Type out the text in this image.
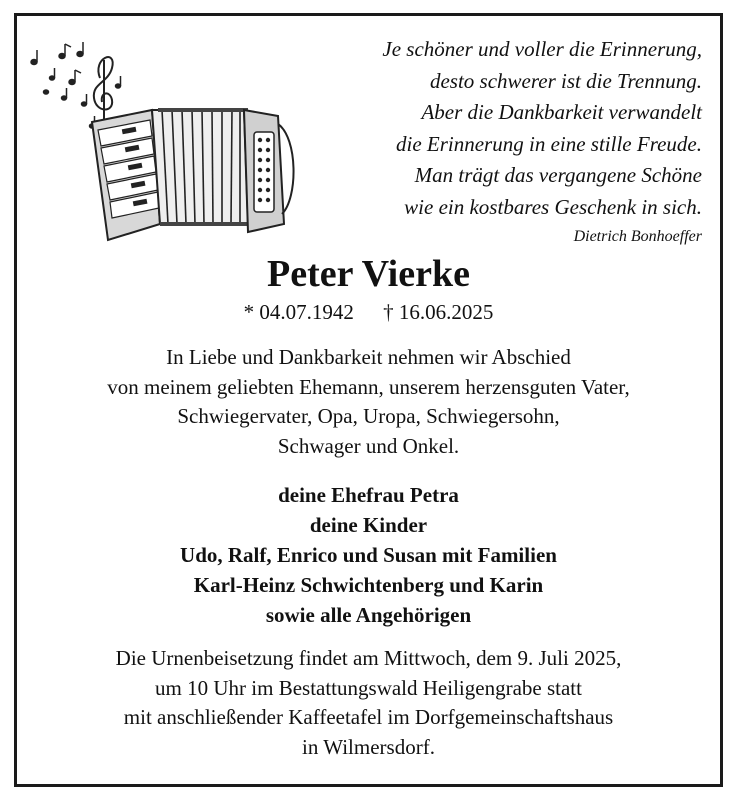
Je schöner und voller die Erinnerung,
desto schwerer ist die Trennung.
Aber die Dankbarkeit verwandelt
die Erinnerung in eine stille Freude.
Man trägt das vergangene Schöne
wie ein kostbares Geschenk in sich.
Dietrich Bonhoeffer
Peter Vierke
* 04.07.1942 † 16.06.2025
In Liebe und Dankbarkeit nehmen wir Abschied
von meinem geliebten Ehemann, unserem herzensguten Vater,
Schwiegervater, Opa, Uropa, Schwiegersohn,
Schwager und Onkel.
deine Ehefrau Petra
deine Kinder
Udo, Ralf, Enrico und Susan mit Familien
Karl-Heinz Schwichtenberg und Karin
sowie alle Angehörigen
Die Urnenbeisetzung findet am Mittwoch, dem 9. Juli 2025,
um 10 Uhr im Bestattungswald Heiligengrabe statt
mit anschließender Kaffeetafel im Dorfgemeinschaftshaus
in Wilmersdorf.
